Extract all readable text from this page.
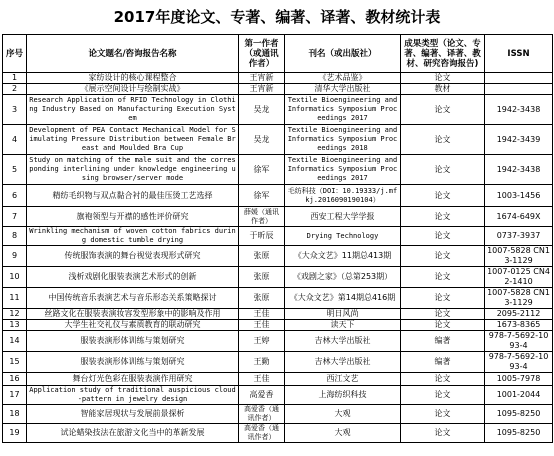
2017年度论文、专著、编著、译著、教材统计表
序号	论文题名/咨询报告名称	第一作者（或通讯作者）	刊名（或出版社）	成果类型（论文、专著、编著、译著、教材、研究咨询报告)	ISSN
1	家纺设计的核心课程整合	王宵新	《艺术品鉴》	论文	
2	《展示空间设计与绘制实战》	王宵新	清华大学出版社	教材	
3	Research Application of RFID Technology in Clothing Industry Based on Manufacturing Execution System	吴龙	Textile Bioengineering and Informatics Symposium Proceedings 2017	论文	1942-3438
4	Development of PEA Contact Mechanical Model for Simulating Pressure Distribution between Female Breast and Moulded Bra Cup	吴龙	Textile Bioengineering and Informatics Symposium Proceedings 2018	论文	1942-3439
5	Study on matching of the male suit and the corresponding interlining under knowledge engineering using browser/server mode	徐军	Textile Bioengineering and Informatics Symposium Proceedings 2017	论文	1942-3438
6	精纺毛织物与双点黏合衬的最佳压烫工艺选择	徐军	毛纺科技（DOI：10.19333/j.mfkj.2016090190104）	论文	1003-1456
7	旗袍领型与开襟的感性评价研究	薛媛（通讯作者）	西安工程大学学报	论文	1674-649X
8	Wrinkling mechanism of woven cotton fabrics during domestic tumble drying	于昕辰	Drying Technology	论文	0737-3937
9	传统服饰表演的舞台视觉表现形式研究	张原	《大众文艺》11期总413期	论文	1007-5828 CN13-1129
10	浅析戏剧化服装表演艺术形式的创新	张原	《戏剧之家》（总第253期）	论文	1007-0125 CN42-1410
11	中国传统音乐表演艺术与音乐形态关系策略探讨	张原	《大众文艺》第14期总416期	论文	1007-5828 CN13-1129
12	丝路文化在服装表演妆容发型形象中的影响及作用	王佳	明日风尚	论文	2095-2112
13	大学生社交礼仪与素质教育的联动研究	王佳	读天下	论文	1673-8365
14	服装表演形体训练与策划研究	王婷	吉林大学出版社	编著	978-7-5692-1093-4
15	服装表演形体训练与策划研究	王勤	吉林大学出版社	编著	978-7-5692-1093-4
16	舞台灯光色彩在服装表演作用研究	王佳	西江文艺	论文	1005-7978
17	Application study of traditional auspicious cloud-pattern in jewelry design	高爱香	上海纺织科技	论文	1001-2044
18	智能家居现状与发展前景探析	高爱香（通讯作者）	大观	论文	1095-8250
19	试论蜡染技法在旅游文化当中的革新发展	高爱香（通讯作者）	大观	论文	1095-8250
